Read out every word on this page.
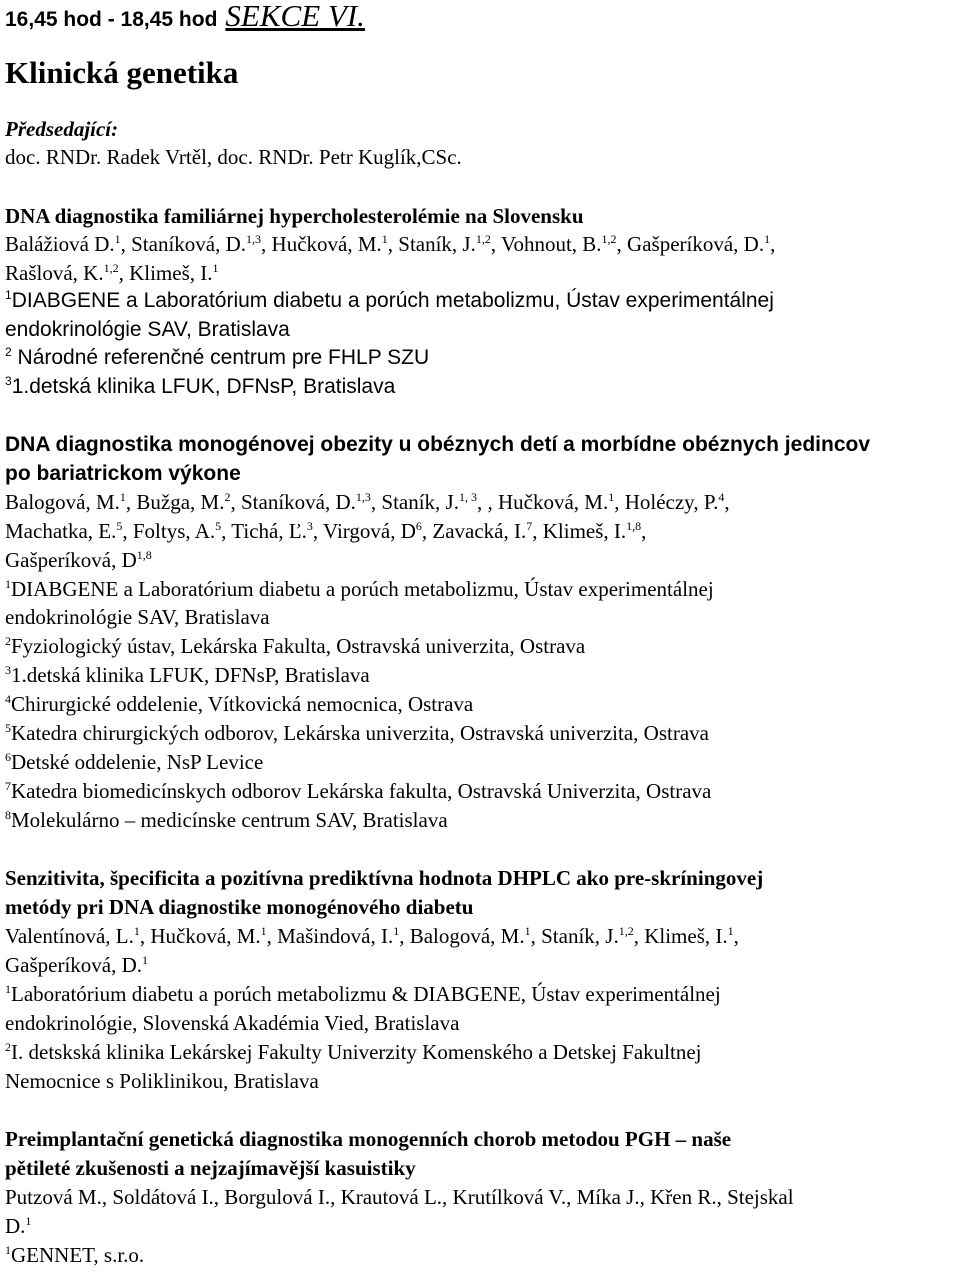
16,45 hod - 18,45 hod SEKCE VI.
Klinická genetika
Předsedající:
doc. RNDr. Radek Vrtěl, doc. RNDr. Petr Kuglík,CSc.
DNA diagnostika familiárnej hypercholesterolémie na Slovensku
Balážiová D.$^1$, Staníková, D.$^{1,3}$, Hučková, M.$^1$, Staník, J.$^{1,2}$, Vohnout, B.$^{1,2}$, Gašperíková, D.$^1$,
Rašlová, K.$^{1,2}$, Klimeš, I.$^1$
$^1$DIABGENE a Laboratórium diabetu a porúch metabolizmu, Ústav experimentálnej
endokrinológie SAV, Bratislava
$^2$ Národné referenčné centrum pre FHLP SZU
$^3$1.detská klinika LFUK, DFNsP, Bratislava
DNA diagnostika monogénovej obezity u obéznych detí a morbídne obéznych jedincov
po bariatrickom výkone
Balogová, M.$^1$, Bužga, M.$^2$, Staníková, D.$^{1,3}$, Staník, J.$^{1, 3}$, , Hučková, M.$^1$, Holéczy, P.$^4$,
Machatka, E.$^5$, Foltys, A.$^5$, Tichá, Ľ.$^3$, Virgová, $D^6$, Zavacká, I.$^7$, Klimeš, I.$^{1,8}$,
Gašperíková, D$^{1,8}$
$^1$DIABGENE a Laboratórium diabetu a porúch metabolizmu, Ústav experimentálnej
endokrinológie SAV, Bratislava
$^2$Fyziologický ústav, Lekárska Fakulta, Ostravská univerzita, Ostrava
$^3$1.detská klinika LFUK, DFNsP, Bratislava
$^4$Chirurgické oddelenie, Vítkovická nemocnica, Ostrava
$^5$Katedra chirurgických odborov, Lekárska univerzita, Ostravská univerzita, Ostrava
$^6$Detské oddelenie, NsP Levice
$^7$Katedra biomedicínskych odborov Lekárska fakulta, Ostravská Univerzita, Ostrava
$^8$Molekulárno – medicínske centrum SAV, Bratislava
Senzitivita, špecificita a pozitívna prediktívna hodnota DHPLC ako pre-skríningovej
metódy pri DNA diagnostike monogénového diabetu
Valentínová, L.$^1$, Hučková, M.$^1$, Mašindová, I.$^1$, Balogová, M.$^1$, Staník, J.$^{1,2}$, Klimeš, I.$^1$,
Gašperíková, D.$^1$
$^1$Laboratórium diabetu a porúch metabolizmu & DIABGENE, Ústav experimentálnej
endokrinológie, Slovenská Akadémia Vied, Bratislava
$^2$I. detskská klinika Lekárskej Fakulty Univerzity Komenského a Detskej Fakultnej
Nemocnice s Poliklinikou, Bratislava
Preimplantační genetická diagnostika monogenních chorob metodou PGH – naše
pětileté zkušenosti a nejzajímavější kasuistiky
Putzová M., Soldátová I., Borgulová I., Krautová L., Krutílková V., Míka J., Křen R., Stejskal
D.$^1$
$^1$GENNET, s.r.o.
